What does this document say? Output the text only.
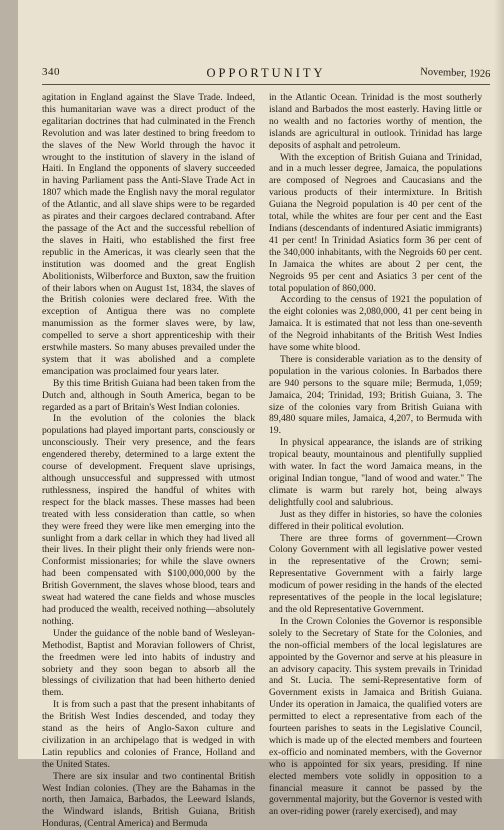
340	OPPORTUNITY	November, 1926

agitation in England against the Slave Trade. Indeed, this humanitarian wave was a direct product of the egalitarian doctrines that had culminated in the French Revolution and was later destined to bring freedom to the slaves of the New World through the havoc it wrought to the institution of slavery in the island of Haiti. In England the opponents of slavery succeeded in having Parliament pass the Anti-Slave Trade Act in 1807 which made the English navy the moral regulator of the Atlantic, and all slave ships were to be regarded as pirates and their cargoes declared contraband. After the passage of the Act and the successful rebellion of the slaves in Haiti, who established the first free republic in the Americas, it was clearly seen that the institution was doomed and the great English Abolitionists, Wilberforce and Buxton, saw the fruition of their labors when on August 1st, 1834, the slaves of the British colonies were declared free. With the exception of Antigua there was no complete manumission as the former slaves were, by law, compelled to serve a short apprenticeship with their erstwhile masters. So many abuses prevailed under the system that it was abolished and a complete emancipation was proclaimed four years later.

By this time British Guiana had been taken from the Dutch and, although in South America, began to be regarded as a part of Britain's West Indian colonies.

In the evolution of the colonies the black populations had played important parts, consciously or unconsciously. Their very presence, and the fears engendered thereby, determined to a large extent the course of development. Frequent slave uprisings, although unsuccessful and suppressed with utmost ruthlessness, inspired the handful of whites with respect for the black masses. These masses had been treated with less consideration than cattle, so when they were freed they were like men emerging into the sunlight from a dark cellar in which they had lived all their lives. In their plight their only friends were non-Conformist missionaries; for while the slave owners had been compensated with $100,000,000 by the British Government, the slaves whose blood, tears and sweat had watered the cane fields and whose muscles had produced the wealth, received nothing—absolutely nothing.

Under the guidance of the noble band of Wesleyan-Methodist, Baptist and Moravian followers of Christ, the freedmen were led into habits of industry and sobriety and they soon began to absorb all the blessings of civilization that had been hitherto denied them.

It is from such a past that the present inhabitants of the British West Indies descended, and today they stand as the heirs of Anglo-Saxon culture and civilization in an archipelago that is wedged in with Latin republics and colonies of France, Holland and the United States.

There are six insular and two continental British West Indian colonies. (They are the Bahamas in the north, then Jamaica, Barbados, the Leeward Islands, the Windward islands, British Guiana, British Honduras, (Central America) and Bermuda

in the Atlantic Ocean. Trinidad is the most southerly island and Barbados the most easterly. Having little or no wealth and no factories worthy of mention, the islands are agricultural in outlook. Trinidad has large deposits of asphalt and petroleum.

With the exception of British Guiana and Trinidad, and in a much lesser degree, Jamaica, the populations are composed of Negroes and Caucasians and the various products of their intermixture. In British Guiana the Negroid population is 40 per cent of the total, while the whites are four per cent and the East Indians (descendants of indentured Asiatic immigrants) 41 per cent! In Trinidad Asiatics form 36 per cent of the 340,000 inhabitants, with the Negroids 60 per cent. In Jamaica the whites are about 2 per cent, the Negroids 95 per cent and Asiatics 3 per cent of the total population of 860,000.

According to the census of 1921 the population of the eight colonies was 2,080,000, 41 per cent being in Jamaica. It is estimated that not less than one-seventh of the Negroid inhabitants of the British West Indies have some white blood.

There is considerable variation as to the density of population in the various colonies. In Barbados there are 940 persons to the square mile; Bermuda, 1,059; Jamaica, 204; Trinidad, 193; British Guiana, 3. The size of the colonies vary from British Guiana with 89,480 square miles, Jamaica, 4,207, to Bermuda with 19.

In physical appearance, the islands are of striking tropical beauty, mountainous and plentifully supplied with water. In fact the word Jamaica means, in the original Indian tongue, "land of wood and water." The climate is warm but rarely hot, being always delightfully cool and salubrious.

Just as they differ in histories, so have the colonies differed in their political evolution.

There are three forms of government—Crown Colony Government with all legislative power vested in the representative of the Crown; semi-Representative Government with a fairly large modicum of power residing in the hands of the elected representatives of the people in the local legislature; and the old Representative Government.

In the Crown Colonies the Governor is responsible solely to the Secretary of State for the Colonies, and the non-official members of the local legislatures are appointed by the Governor and serve at his pleasure in an advisory capacity. This system prevails in Trinidad and St. Lucia. The semi-Representative form of Government exists in Jamaica and British Guiana. Under its operation in Jamaica, the qualified voters are permitted to elect a representative from each of the fourteen parishes to seats in the Legislative Council, which is made up of the elected members and fourteen ex-officio and nominated members, with the Governor who is appointed for six years, presiding. If nine elected members vote solidly in opposition to a financial measure it cannot be passed by the governmental majority, but the Governor is vested with an over-riding power (rarely exercised), and may
